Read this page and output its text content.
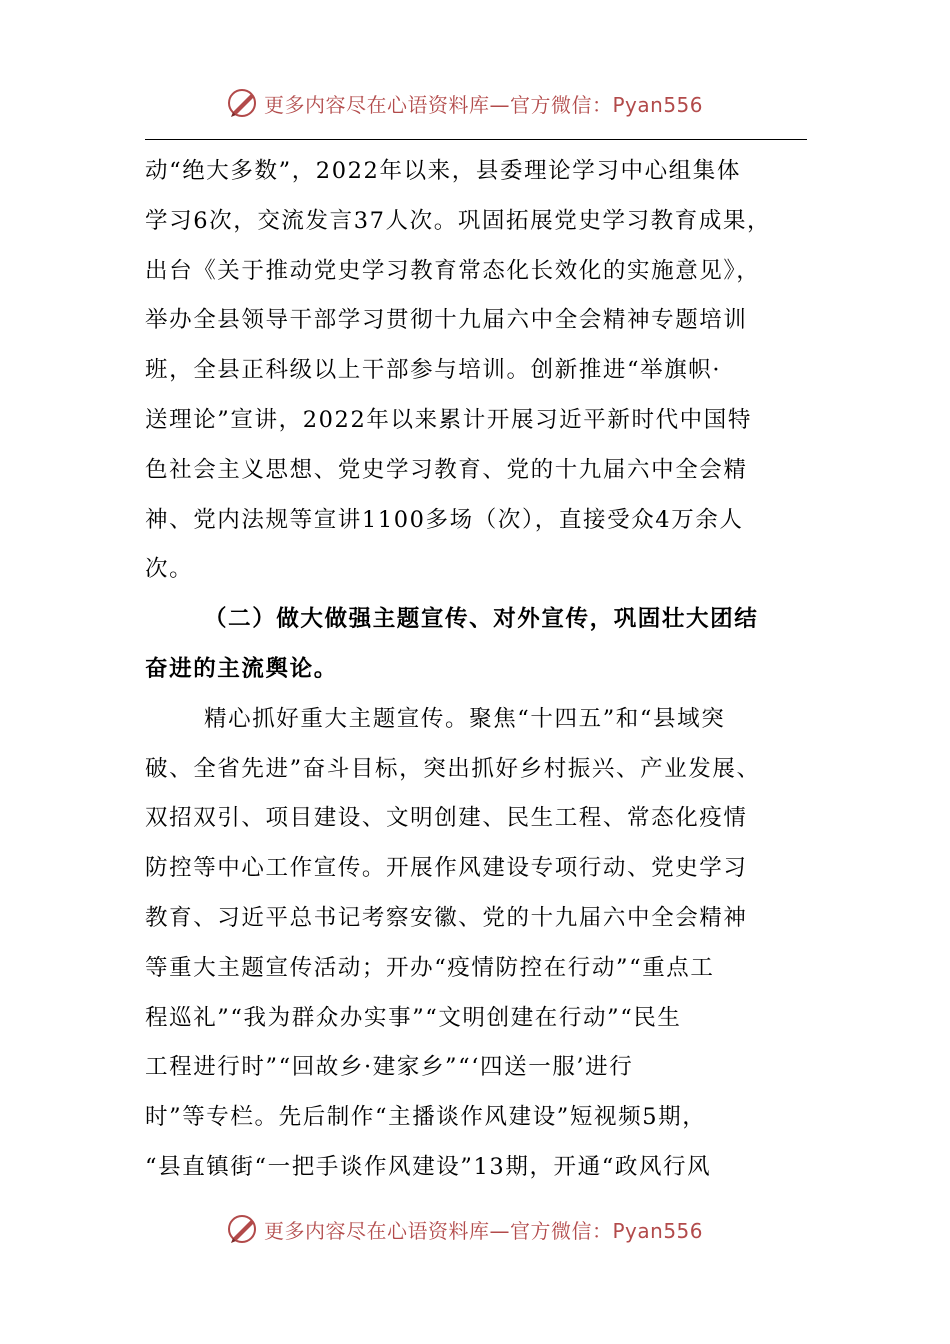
更多内容尽在心语资料库—官方微信：Pyan556
动“绝大多数”，2022年以来，县委理论学习中心组集体
学习6次，交流发言37人次。巩固拓展党史学习教育成果，
出台《关于推动党史学习教育常态化长效化的实施意见》，
举办全县领导干部学习贯彻十九届六中全会精神专题培训
班，全县正科级以上干部参与培训。创新推进“举旗帜·
送理论”宣讲，2022年以来累计开展习近平新时代中国特
色社会主义思想、党史学习教育、党的十九届六中全会精
神、党内法规等宣讲1100多场（次），直接受众4万余人
次。
（二）做大做强主题宣传、对外宣传，巩固壮大团结
奋进的主流舆论。
精心抓好重大主题宣传。聚焦“十四五”和“县域突
破、全省先进”奋斗目标，突出抓好乡村振兴、产业发展、
双招双引、项目建设、文明创建、民生工程、常态化疫情
防控等中心工作宣传。开展作风建设专项行动、党史学习
教育、习近平总书记考察安徽、党的十九届六中全会精神
等重大主题宣传活动；开办“疫情防控在行动”“重点工
程巡礼”“我为群众办实事”“文明创建在行动”“民生
工程进行时”“回故乡·建家乡”“‘四送一服’进行
时”等专栏。先后制作“主播谈作风建设”短视频5期，
“县直镇街“一把手谈作风建设”13期，开通“政风行风
更多内容尽在心语资料库—官方微信：Pyan556
